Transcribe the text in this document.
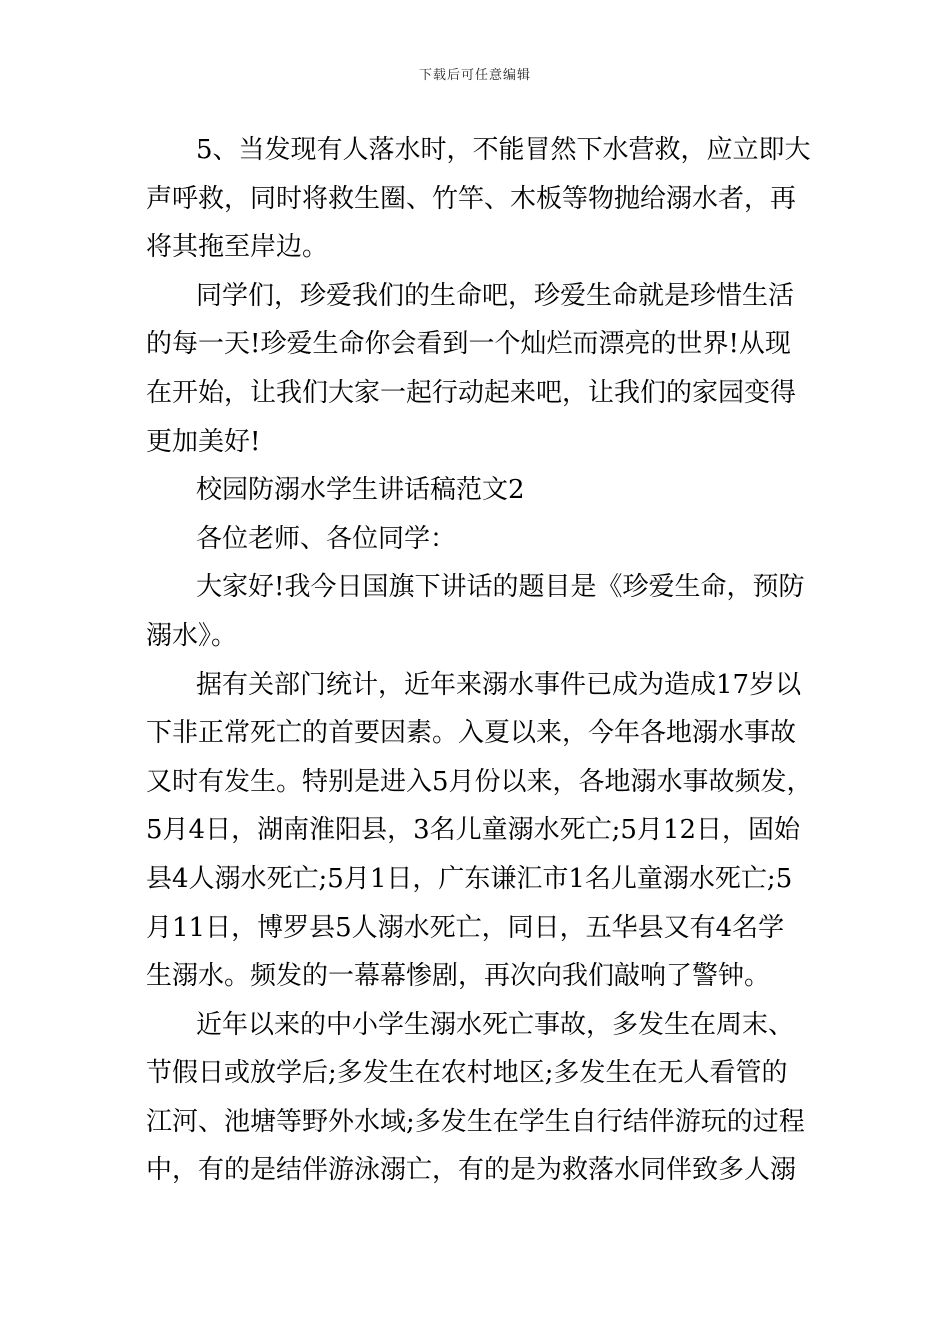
下载后可任意编辑
5、当发现有人落水时，不能冒然下水营救，应立即大
声呼救，同时将救生圈、竹竿、木板等物抛给溺水者，再
将其拖至岸边。
同学们，珍爱我们的生命吧，珍爱生命就是珍惜生活
的每一天!珍爱生命你会看到一个灿烂而漂亮的世界!从现
在开始，让我们大家一起行动起来吧，让我们的家园变得
更加美好!
校园防溺水学生讲话稿范文2
各位老师、各位同学：
大家好!我今日国旗下讲话的题目是《珍爱生命，预防
溺水》。
据有关部门统计，近年来溺水事件已成为造成17岁以
下非正常死亡的首要因素。入夏以来，今年各地溺水事故
又时有发生。特别是进入5月份以来，各地溺水事故频发，
5月4日，湖南淮阳县，3名儿童溺水死亡;5月12日，固始
县4人溺水死亡;5月1日，广东谦汇市1名儿童溺水死亡;5
月11日，博罗县5人溺水死亡，同日，五华县又有4名学
生溺水。频发的一幕幕惨剧，再次向我们敲响了警钟。
近年以来的中小学生溺水死亡事故，多发生在周末、
节假日或放学后;多发生在农村地区;多发生在无人看管的
江河、池塘等野外水域;多发生在学生自行结伴游玩的过程
中，有的是结伴游泳溺亡，有的是为救落水同伴致多人溺
